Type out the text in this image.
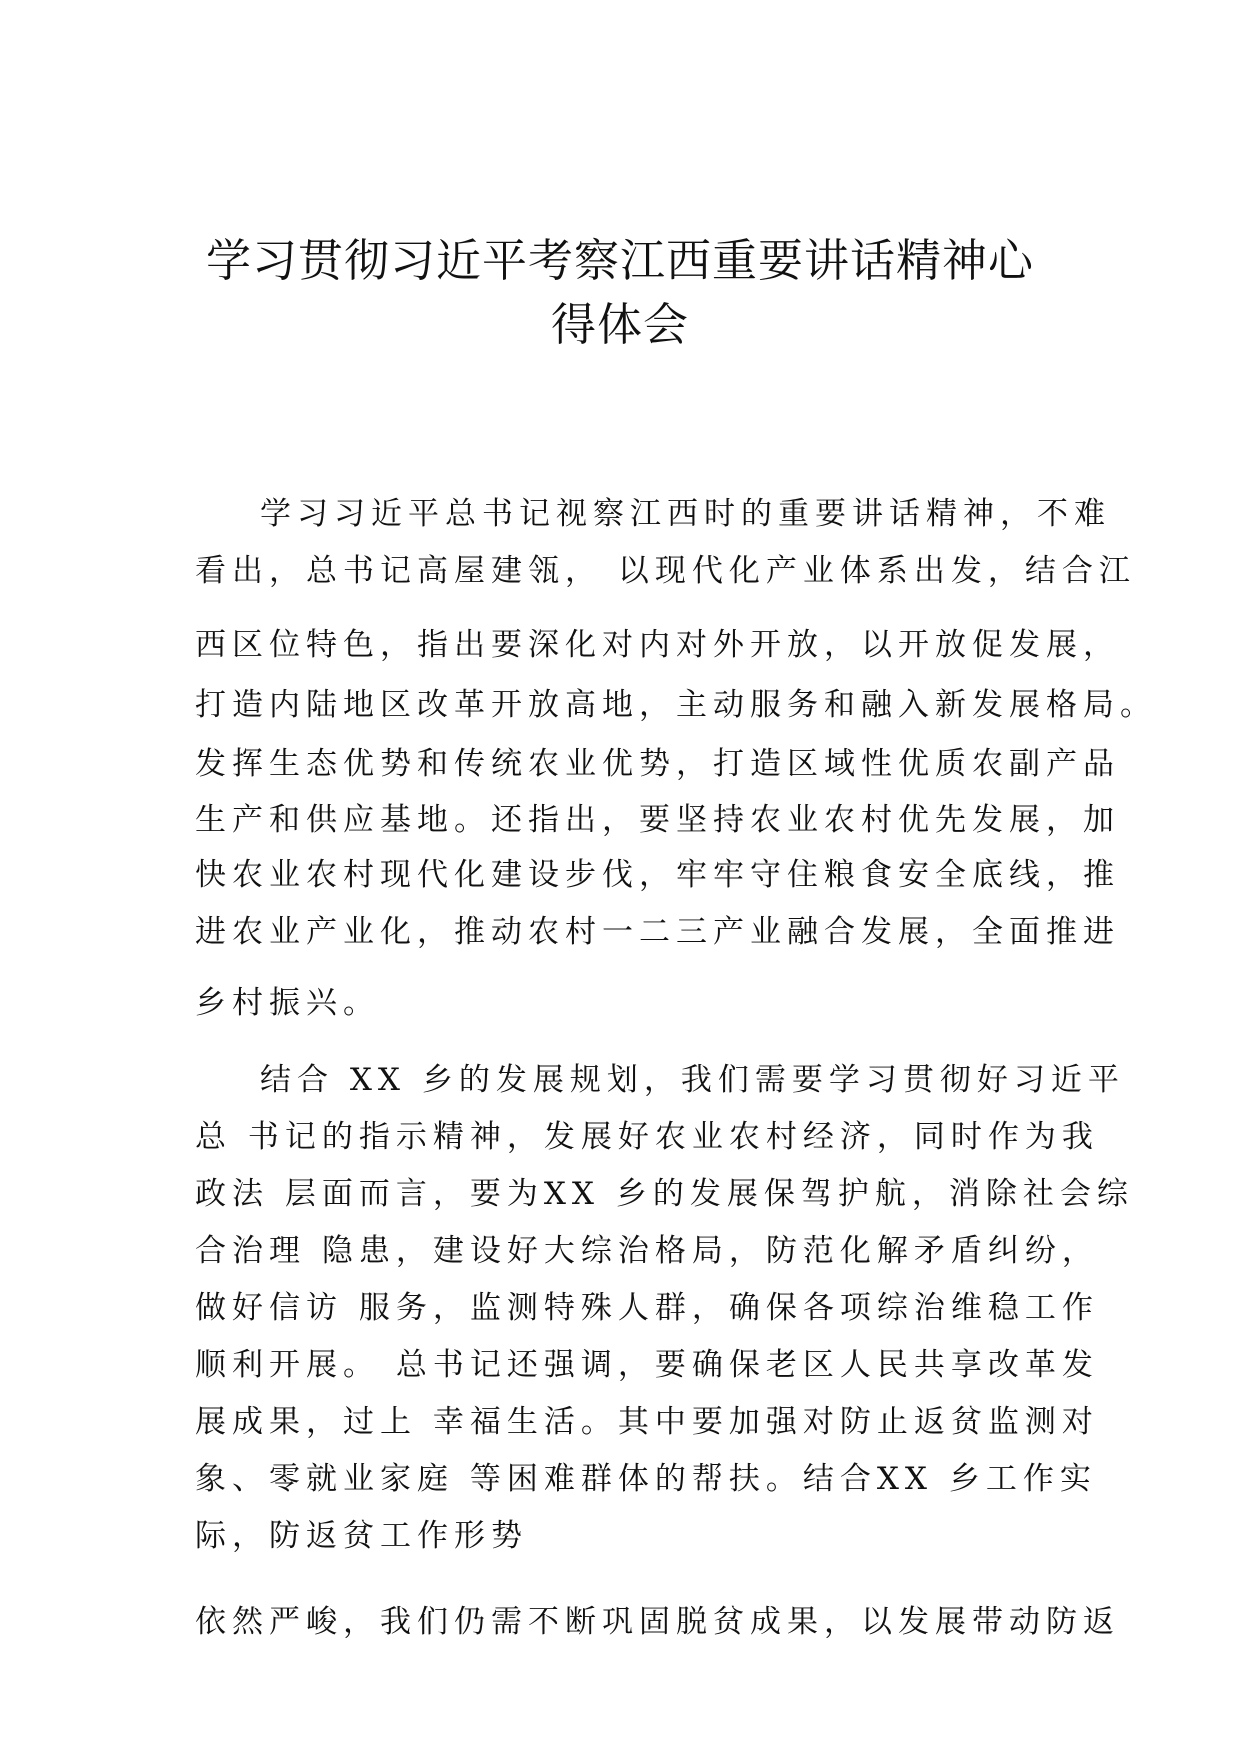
学习贯彻习近平考察江西重要讲话精神心
得体会
学习习近平总书记视察江西时的重要讲话精神，不难
看出，总书记高屋建瓴， 以现代化产业体系出发，结合江
西区位特色，指出要深化对内对外开放，以开放促发展，
打造内陆地区改革开放高地，主动服务和融入新发展格局。
发挥生态优势和传统农业优势，打造区域性优质农副产品
生产和供应基地。还指出，要坚持农业农村优先发展，加
快农业农村现代化建设步伐，牢牢守住粮食安全底线，推
进农业产业化，推动农村一二三产业融合发展，全面推进
乡村振兴。
结合 XX 乡的发展规划，我们需要学习贯彻好习近平
总 书记的指示精神，发展好农业农村经济，同时作为我
政法 层面而言，要为XX 乡的发展保驾护航，消除社会综
合治理 隐患，建设好大综治格局，防范化解矛盾纠纷，
做好信访 服务，监测特殊人群，确保各项综治维稳工作
顺利开展。 总书记还强调，要确保老区人民共享改革发
展成果，过上 幸福生活。其中要加强对防止返贫监测对
象、零就业家庭 等困难群体的帮扶。结合XX 乡工作实
际，防返贫工作形势
依然严峻，我们仍需不断巩固脱贫成果，以发展带动防返
